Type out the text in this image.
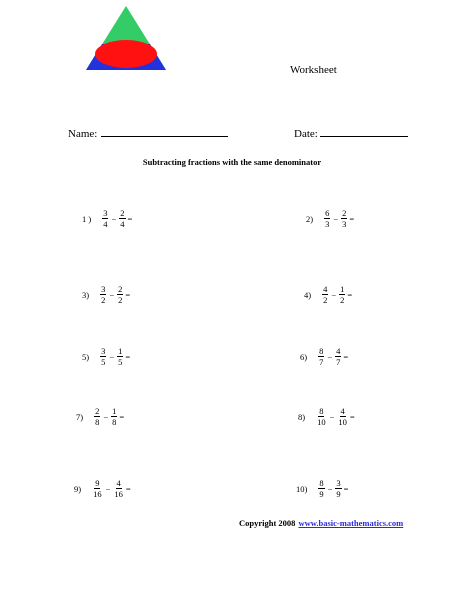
Worksheet
Name:	Date:
Subtracting fractions with the same denominator
1 ) $\frac{3}{4} - \frac{2}{4}$ =	$2) \frac{6}{3} - \frac{2}{3}$ =
$3) \frac{3}{2} - \frac{2}{2}$ =	$4) \frac{4}{2} - \frac{1}{2}$ =
$5) \frac{3}{5} - \frac{1}{5}$ =	$6) \frac{8}{7} - \frac{4}{7}$ =
$7) \frac{2}{8} - \frac{1}{8}$ =	$8) \frac{8}{10} - \frac{4}{10}$ =
$9) \frac{9}{16} - \frac{4}{16}$ =	$10) \frac{8}{9} - \frac{3}{9}$ =
Copyright 2008 www.basic-mathematics.com
